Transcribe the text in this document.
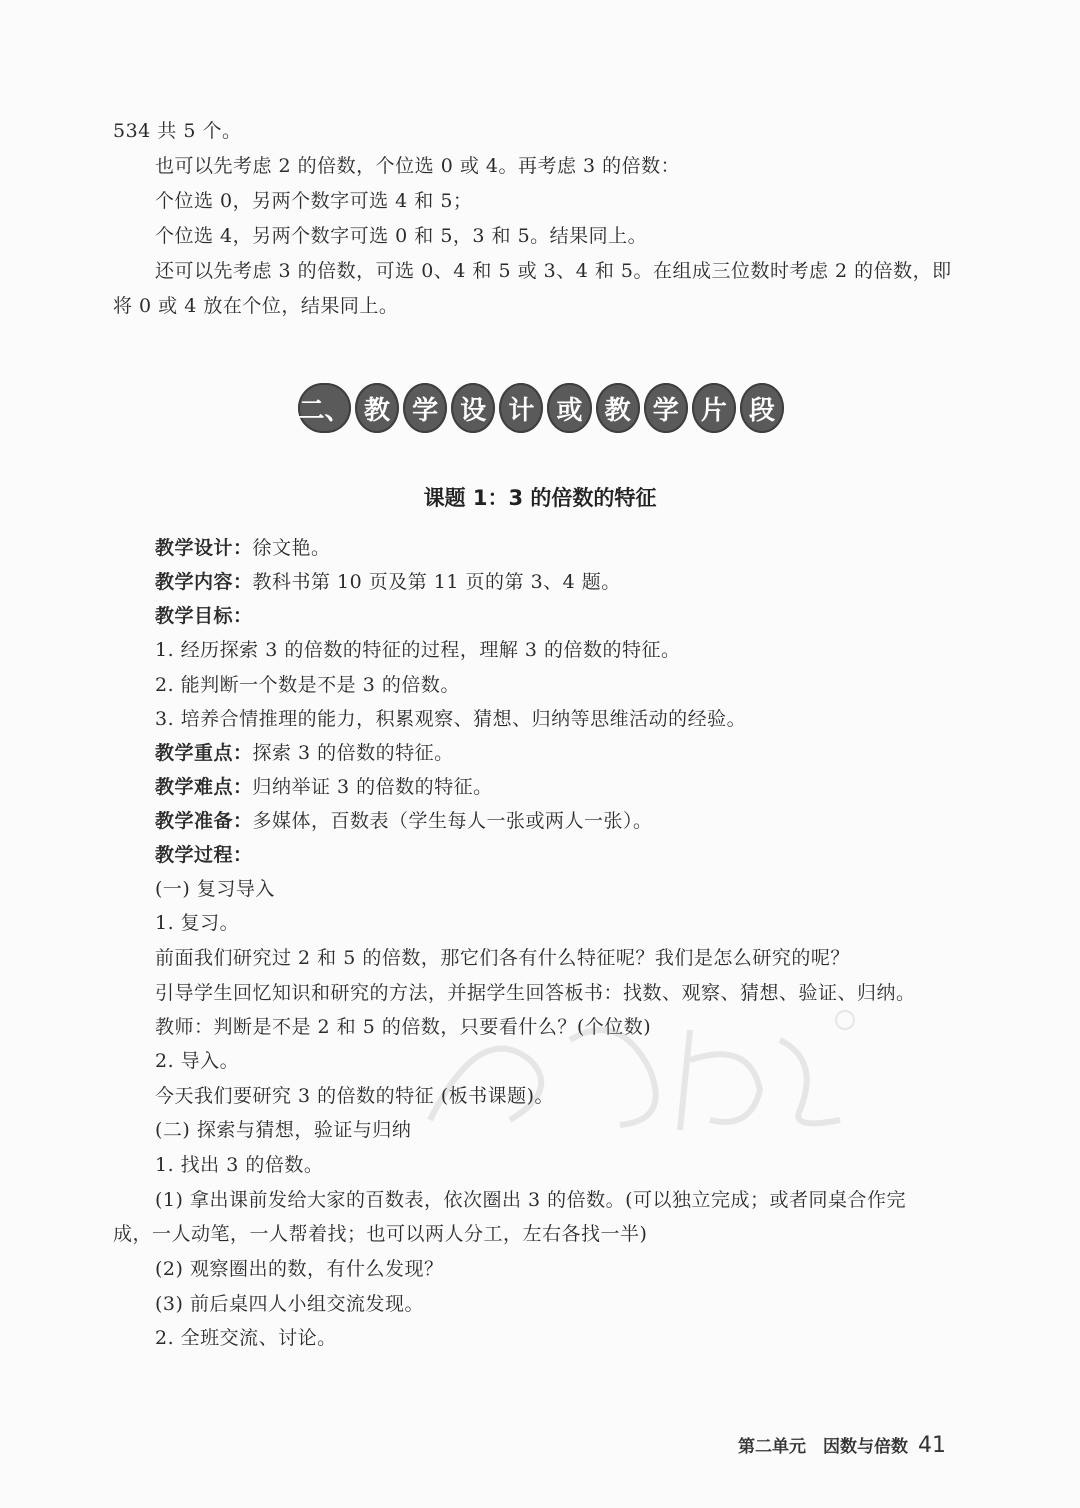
534 共 5 个。
也可以先考虑 2 的倍数，个位选 0 或 4。再考虑 3 的倍数：
个位选 0，另两个数字可选 4 和 5；
个位选 4，另两个数字可选 0 和 5，3 和 5。结果同上。
还可以先考虑 3 的倍数，可选 0、4 和 5 或 3、4 和 5。在组成三位数时考虑 2 的倍数，即
将 0 或 4 放在个位，结果同上。
二、 教 学 设 计 或 教 学 片 段
课题 1：3 的倍数的特征
教学设计：徐文艳。
教学内容：教科书第 10 页及第 11 页的第 3、4 题。
教学目标：
1. 经历探索 3 的倍数的特征的过程，理解 3 的倍数的特征。
2. 能判断一个数是不是 3 的倍数。
3. 培养合情推理的能力，积累观察、猜想、归纳等思维活动的经验。
教学重点：探索 3 的倍数的特征。
教学难点：归纳举证 3 的倍数的特征。
教学准备：多媒体，百数表（学生每人一张或两人一张）。
教学过程：
(一) 复习导入
1. 复习。
前面我们研究过 2 和 5 的倍数，那它们各有什么特征呢？我们是怎么研究的呢？
引导学生回忆知识和研究的方法，并据学生回答板书：找数、观察、猜想、验证、归纳。
教师：判断是不是 2 和 5 的倍数，只要看什么？(个位数)
2. 导入。
今天我们要研究 3 的倍数的特征 (板书课题)。
(二) 探索与猜想，验证与归纳
1. 找出 3 的倍数。
(1) 拿出课前发给大家的百数表，依次圈出 3 的倍数。(可以独立完成；或者同桌合作完
成，一人动笔，一人帮着找；也可以两人分工，左右各找一半)
(2) 观察圈出的数，有什么发现？
(3) 前后桌四人小组交流发现。
2. 全班交流、讨论。
第二单元　因数与倍数 41
